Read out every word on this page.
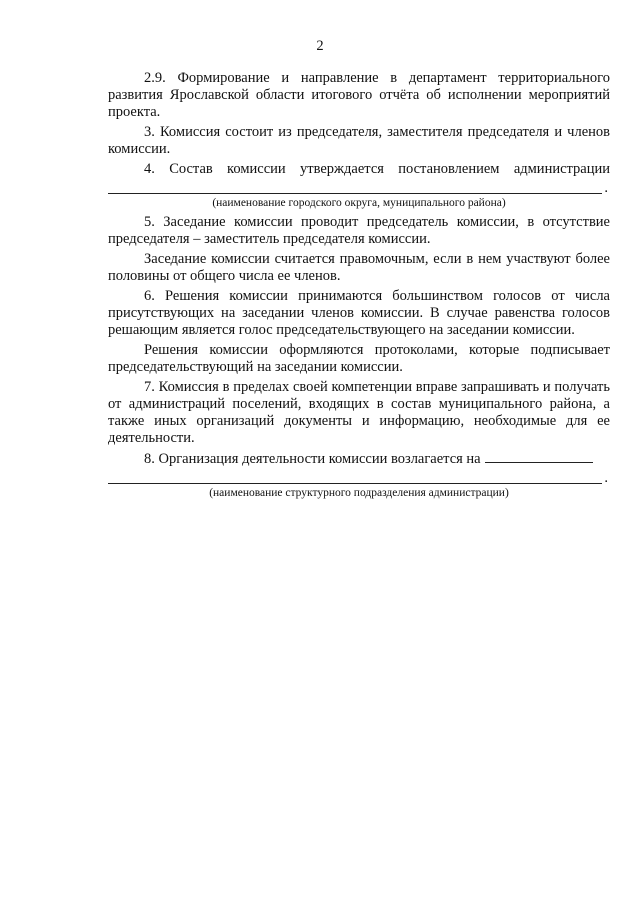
2

2.9. Формирование и направление в департамент территориального развития Ярославской области итогового отчёта об исполнении мероприятий проекта.

3. Комиссия состоит из председателя, заместителя председателя и членов комиссии.

4. Состав комиссии утверждается постановлением администрации

.
(наименование городского округа, муниципального района)

5. Заседание комиссии проводит председатель комиссии, в отсутствие председателя – заместитель председателя комиссии.

Заседание комиссии считается правомочным, если в нем участвуют более половины от общего числа ее членов.

6. Решения комиссии принимаются большинством голосов от числа присутствующих на заседании членов комиссии. В случае равенства голосов решающим является голос председательствующего на заседании комиссии.

Решения комиссии оформляются протоколами, которые подписывает председательствующий на заседании комиссии.

7. Комиссия в пределах своей компетенции вправе запрашивать и получать от администраций поселений, входящих в состав муниципального района, а также иных организаций документы и информацию, необходимые для ее деятельности.

8. Организация деятельности комиссии возлагается на

.
(наименование структурного подразделения администрации)
